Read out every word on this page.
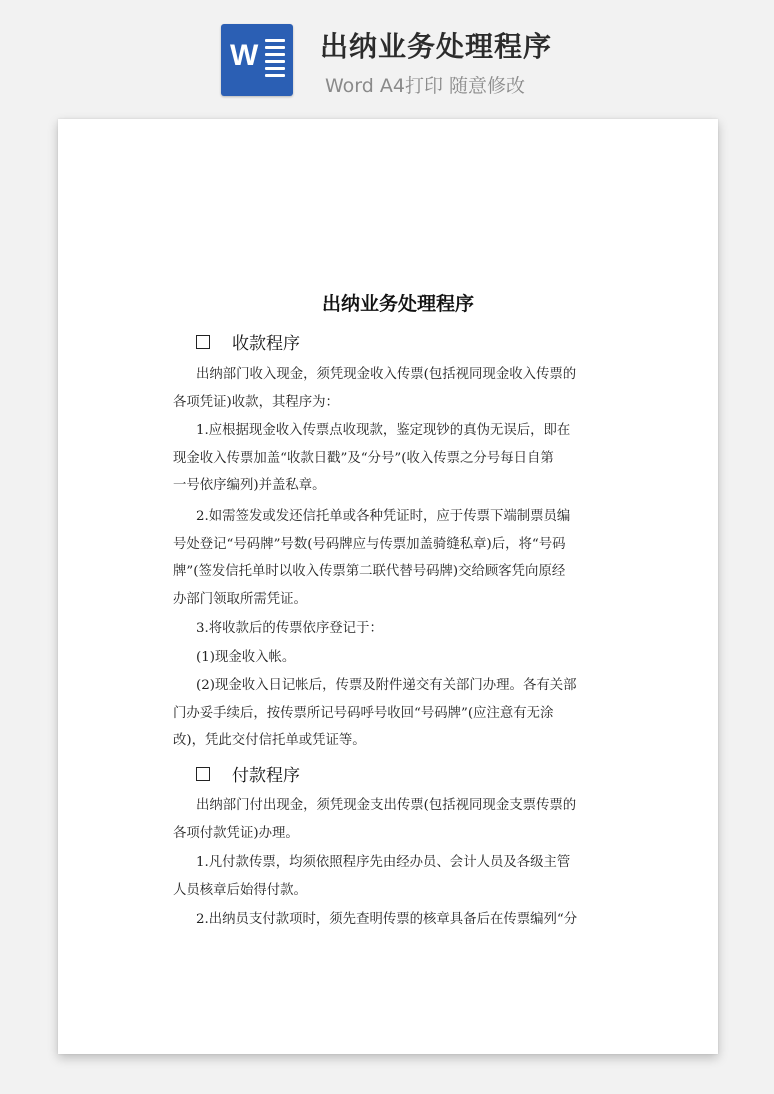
W 出纳业务处理程序
Word A4打印 随意修改
出纳业务处理程序
收款程序
出纳部门收入现金，须凭现金收入传票(包括视同现金收入传票的
各项凭证)收款，其程序为：
1.应根据现金收入传票点收现款，鉴定现钞的真伪无误后，即在
现金收入传票加盖“收款日戳”及“分号”(收入传票之分号每日自第
一号依序编列)并盖私章。
2.如需签发或发还信托单或各种凭证时，应于传票下端制票员编
号处登记“号码牌”号数(号码牌应与传票加盖骑缝私章)后，将“号码
牌”(签发信托单时以收入传票第二联代替号码牌)交给顾客凭向原经
办部门领取所需凭证。
3.将收款后的传票依序登记于：
(1)现金收入帐。
(2)现金收入日记帐后，传票及附件递交有关部门办理。各有关部
门办妥手续后，按传票所记号码呼号收回“号码牌”(应注意有无涂
改)，凭此交付信托单或凭证等。
付款程序
出纳部门付出现金，须凭现金支出传票(包括视同现金支票传票的
各项付款凭证)办理。
1.凡付款传票，均须依照程序先由经办员、会计人员及各级主管
人员核章后始得付款。
2.出纳员支付款项时，须先查明传票的核章具备后在传票编列“分
